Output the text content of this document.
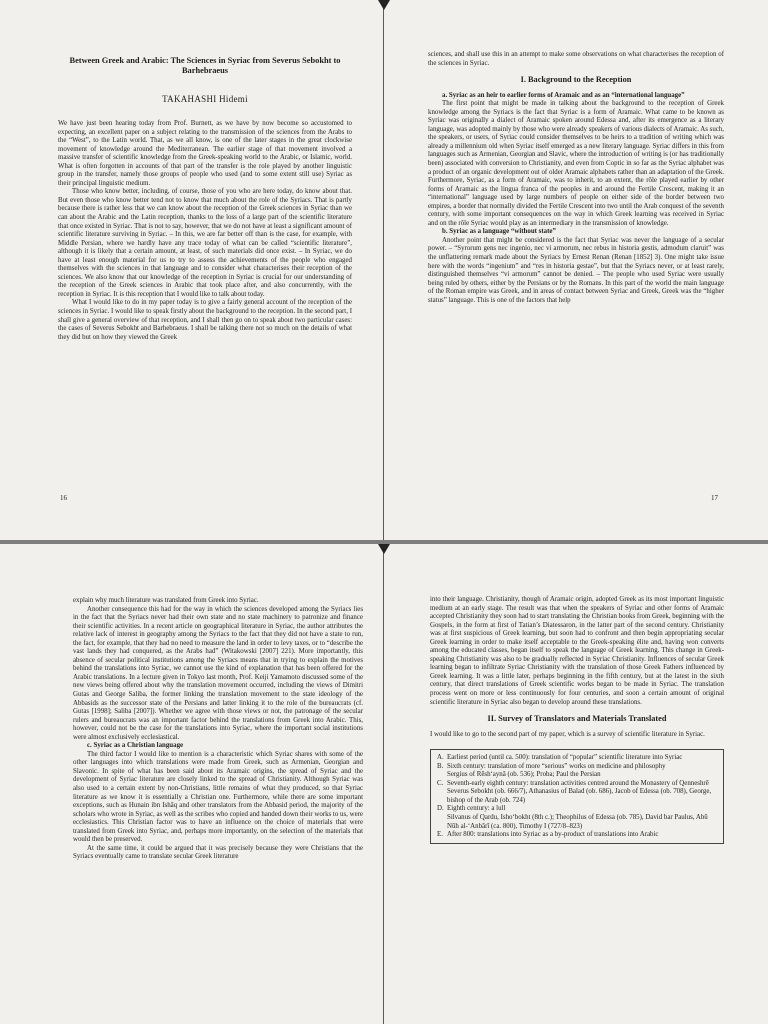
Between Greek and Arabic: The Sciences in Syriac from Severus Sebokht to Barhebraeus
TAKAHASHI Hidemi

We have just been hearing today from Prof. Burnett, as we have by now become so accustomed to expecting, an excellent paper on a subject relating to the transmission of the sciences from the Arabs to the “West”, to the Latin world. That, as we all know, is one of the later stages in the great clockwise movement of knowledge around the Mediterranean. The earlier stage of that movement involved a massive transfer of scientific knowledge from the Greek-speaking world to the Arabic, or Islamic, world. What is often forgotten in accounts of that part of the transfer is the role played by another linguistic group in the transfer, namely those groups of people who used (and to some extent still use) Syriac as their principal linguistic medium.

Those who know better, including, of course, those of you who are here today, do know about that. But even those who know better tend not to know that much about the role of the Syriacs. That is partly because there is rather less that we can know about the reception of the Greek sciences in Syriac than we can about the Arabic and the Latin reception, thanks to the loss of a large part of the scientific literature that once existed in Syriac. That is not to say, however, that we do not have at least a significant amount of scientific literature surviving in Syriac. – In this, we are far better off than is the case, for example, with Middle Persian, where we hardly have any trace today of what can be called “scientific literature”, although it is likely that a certain amount, at least, of such materials did once exist. – In Syriac, we do have at least enough material for us to try to assess the achievements of the people who engaged themselves with the sciences in that language and to consider what characterises their reception of the sciences. We also know that our knowledge of the reception in Syriac is crucial for our understanding of the reception of the Greek sciences in Arabic that took place after, and also concurrently, with the reception in Syriac. It is this reception that I would like to talk about today.

What I would like to do in my paper today is to give a fairly general account of the reception of the sciences in Syriac. I would like to speak firstly about the background to the reception. In the second part, I shall give a general overview of that reception, and I shall then go on to speak about two particular cases: the cases of Severus Sebokht and Barhebraeus. I shall be talking there not so much on the details of what they did but on how they viewed the Greek

16

sciences, and shall use this in an attempt to make some observations on what characterises the reception of the sciences in Syriac.

I. Background to the Reception

a. Syriac as an heir to earlier forms of Aramaic and as an “international language”

The first point that might be made in talking about the background to the reception of Greek knowledge among the Syriacs is the fact that Syriac is a form of Aramaic. What came to be known as Syriac was originally a dialect of Aramaic spoken around Edessa and, after its emergence as a literary language, was adopted mainly by those who were already speakers of various dialects of Aramaic. As such, the speakers, or users, of Syriac could consider themselves to be heirs to a tradition of writing which was already a millennium old when Syriac itself emerged as a new literary language. Syriac differs in this from languages such as Armenian, Georgian and Slavic, where the introduction of writing is (or has traditionally been) associated with conversion to Christianity, and even from Coptic in so far as the Syriac alphabet was a product of an organic development out of older Aramaic alphabets rather than an adaptation of the Greek. Furthermore, Syriac, as a form of Aramaic, was to inherit, to an extent, the rôle played earlier by other forms of Aramaic as the lingua franca of the peoples in and around the Fertile Crescent, making it an “international” language used by large numbers of people on either side of the border between two empires, a border that normally divided the Fertile Crescent into two until the Arab conquest of the seventh century, with some important consequences on the way in which Greek learning was received in Syriac and on the rôle Syriac would play as an intermediary in the transmission of knowledge.

b. Syriac as a language “without state”

Another point that might be considered is the fact that Syriac was never the language of a secular power. – “Syrorum gens nec ingenio, nec vi armorum, nec rebus in historia gestis, admodum claruit” was the unflattering remark made about the Syriacs by Ernest Renan (Renan [1852] 3). One might take issue here with the words “ingenium” and “res in historia gestae”, but that the Syriacs never, or at least rarely, distinguished themselves “vi armorum” cannot be denied. – The people who used Syriac were usually being ruled by others, either by the Persians or by the Romans. In this part of the world the main language of the Roman empire was Greek, and in areas of contact between Syriac and Greek, Greek was the “higher status” language. This is one of the factors that help

17

explain why much literature was translated from Greek into Syriac.

Another consequence this had for the way in which the sciences developed among the Syriacs lies in the fact that the Syriacs never had their own state and no state machinery to patronize and finance their scientific activities. In a recent article on geographical literature in Syriac, the author attributes the relative lack of interest in geography among the Syriacs to the fact that they did not have a state to run, the fact, for example, that they had no need to measure the land in order to levy taxes, or to “describe the vast lands they had conquered, as the Arabs had” (Witakowski [2007] 221). More importantly, this absence of secular political institutions among the Syriacs means that in trying to explain the motives behind the translations into Syriac, we cannot use the kind of explanation that has been offered for the Arabic translations. In a lecture given in Tokyo last month, Prof. Keiji Yamamoto discussed some of the new views being offered about why the translation movement occurred, including the views of Dimitri Gutas and George Saliba, the former linking the translation movement to the state ideology of the Abbasids as the successor state of the Persians and latter linking it to the role of the bureaucrats (cf. Gutas [1998]; Saliba [2007]). Whether we agree with those views or not, the patronage of the secular rulers and bureaucrats was an important factor behind the translations from Greek into Arabic. This, however, could not be the case for the translations into Syriac, where the important social institutions were almost exclusively ecclesiastical.

c. Syriac as a Christian language

The third factor I would like to mention is a characteristic which Syriac shares with some of the other languages into which translations were made from Greek, such as Armenian, Georgian and Slavonic. In spite of what has been said about its Aramaic origins, the spread of Syriac and the development of Syriac literature are closely linked to the spread of Christianity. Although Syriac was also used to a certain extent by non-Christians, little remains of what they produced, so that Syriac literature as we know it is essentially a Christian one. Furthermore, while there are some important exceptions, such as Hunain ibn Ishāq and other translators from the Abbasid period, the majority of the scholars who wrote in Syriac, as well as the scribes who copied and handed down their works to us, were ecclesiastics. This Christian factor was to have an influence on the choice of materials that were translated from Greek into Syriac, and, perhaps more importantly, on the selection of the materials that would then be preserved.

At the same time, it could be argued that it was precisely because they were Christians that the Syriacs eventually came to translate secular Greek literature

into their language. Christianity, though of Aramaic origin, adopted Greek as its most important linguistic medium at an early stage. The result was that when the speakers of Syriac and other forms of Aramaic accepted Christianity they soon had to start translating the Christian books from Greek, beginning with the Gospels, in the form at first of Tatian’s Diatessaron, in the latter part of the second century. Christianity was at first suspicious of Greek learning, but soon had to confront and then begin appropriating secular Greek learning in order to make itself acceptable to the Greek-speaking élite and, having won converts among the educated classes, began itself to speak the language of Greek learning. This change in Greek-speaking Christianity was also to be gradually reflected in Syriac Christianity. Influences of secular Greek learning began to infiltrate Syriac Christianity with the translation of those Greek Fathers influenced by Greek learning. It was a little later, perhaps beginning in the fifth century, but at the latest in the sixth century, that direct translations of Greek scientific works began to be made in Syriac. The translation process went on more or less continuously for four centuries, and soon a certain amount of original scientific literature in Syriac also began to develop around these translations.

II. Survey of Translators and Materials Translated

I would like to go to the second part of my paper, which is a survey of scientific literature in Syriac.

A. Earliest period (until ca. 500): translation of “popular” scientific literature into Syriac
B. Sixth century: translation of more “serious” works on medicine and philosophy
Sergius of Rēsh‘aynā (ob. 536); Proba; Paul the Persian
C. Seventh-early eighth century: translation activities centred around the Monastery of Qenneshrē
Severus Sebokht (ob. 666/7), Athanasius of Balad (ob. 686), Jacob of Edessa (ob. 708), George, bishop of the Arab (ob. 724)
D. Eighth century: a lull
Silvanus of Qardu, Isho‘bokht (8th c.); Theophilus of Edessa (ob. 785), David bar Paulus, Abū Nūh al-‘Anbārī (ca. 800), Timothy I (727/8–823)
E. After 800: translations into Syriac as a by-product of translations into Arabic
